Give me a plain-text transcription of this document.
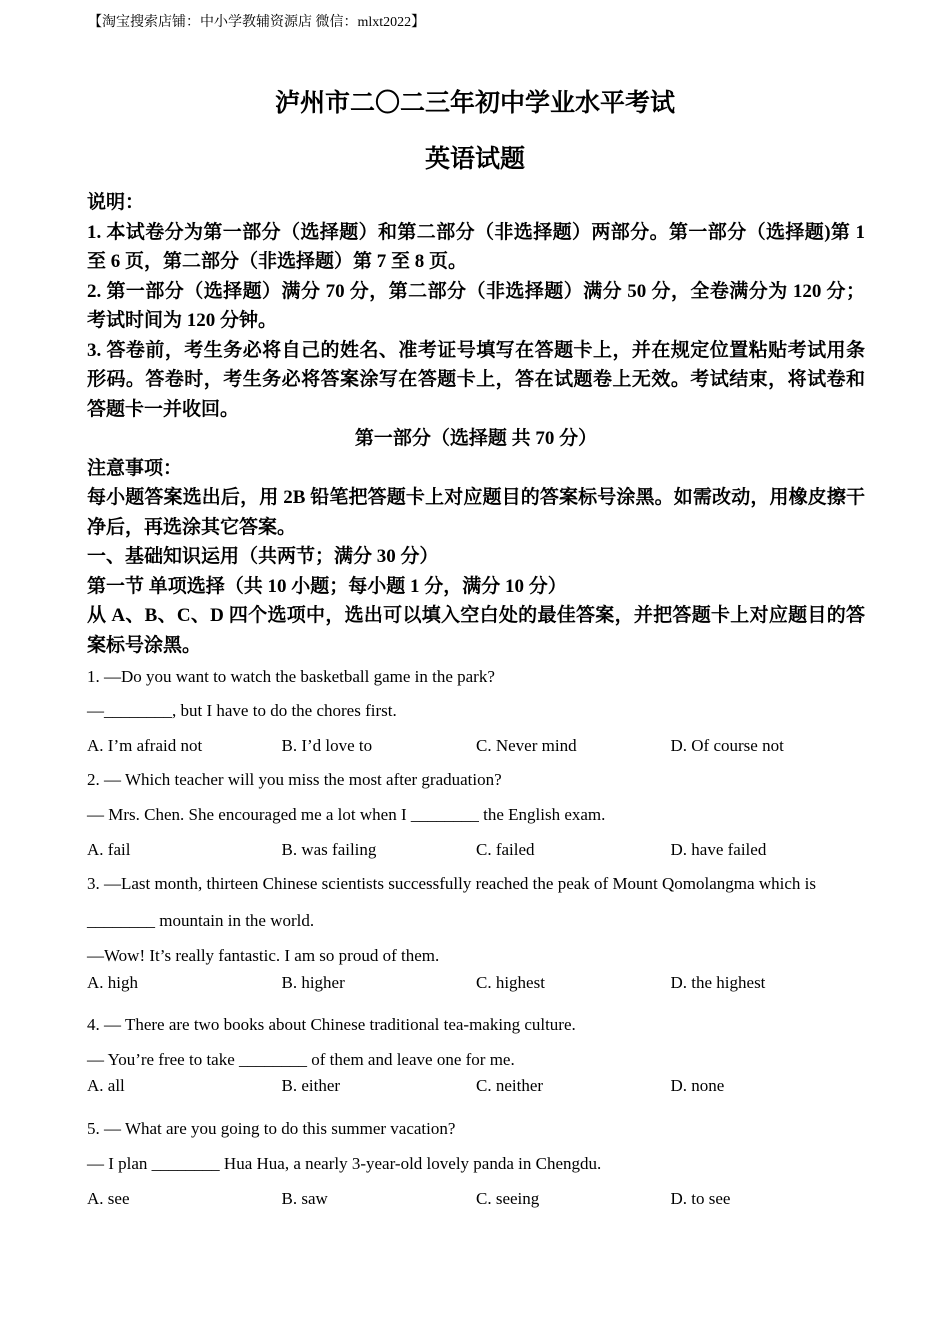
【淘宝搜索店铺：中小学教辅资源店 微信：mlxt2022】
泸州市二〇二三年初中学业水平考试
英语试题
说明：
1. 本试卷分为第一部分（选择题）和第二部分（非选择题）两部分。第一部分（选择题)第 1 至 6 页，第二部分（非选择题）第 7 至 8 页。
2. 第一部分（选择题）满分 70 分，第二部分（非选择题）满分 50 分，全卷满分为 120 分；考试时间为 120 分钟。
3. 答卷前，考生务必将自己的姓名、准考证号填写在答题卡上，并在规定位置粘贴考试用条形码。答卷时，考生务必将答案涂写在答题卡上，答在试题卷上无效。考试结束，将试卷和答题卡一并收回。
第一部分（选择题 共 70 分）
注意事项：
每小题答案选出后，用 2B 铅笔把答题卡上对应题目的答案标号涂黑。如需改动，用橡皮擦干净后，再选涂其它答案。
一、基础知识运用（共两节；满分 30 分）
第一节 单项选择（共 10 小题；每小题 1 分，满分 10 分）
从 A、B、C、D 四个选项中，选出可以填入空白处的最佳答案，并把答题卡上对应题目的答案标号涂黑。
1. —Do you want to watch the basketball game in the park?
—________, but I have to do the chores first.
A. I’m afraid not	B. I’d love to	C. Never mind	D. Of course not
2. — Which teacher will you miss the most after graduation?
— Mrs. Chen. She encouraged me a lot when I ________ the English exam.
A. fail	B. was failing	C. failed	D. have failed
3. —Last month, thirteen Chinese scientists successfully reached the peak of Mount Qomolangma which is
________ mountain in the world.
—Wow! It’s really fantastic. I am so proud of them.
A. high	B. higher	C. highest	D. the highest
4. — There are two books about Chinese traditional tea-making culture.
— You’re free to take ________ of them and leave one for me.
A. all	B. either	C. neither	D. none
5. — What are you going to do this summer vacation?
— I plan ________ Hua Hua, a nearly 3-year-old lovely panda in Chengdu.
A. see	B. saw	C. seeing	D. to see
